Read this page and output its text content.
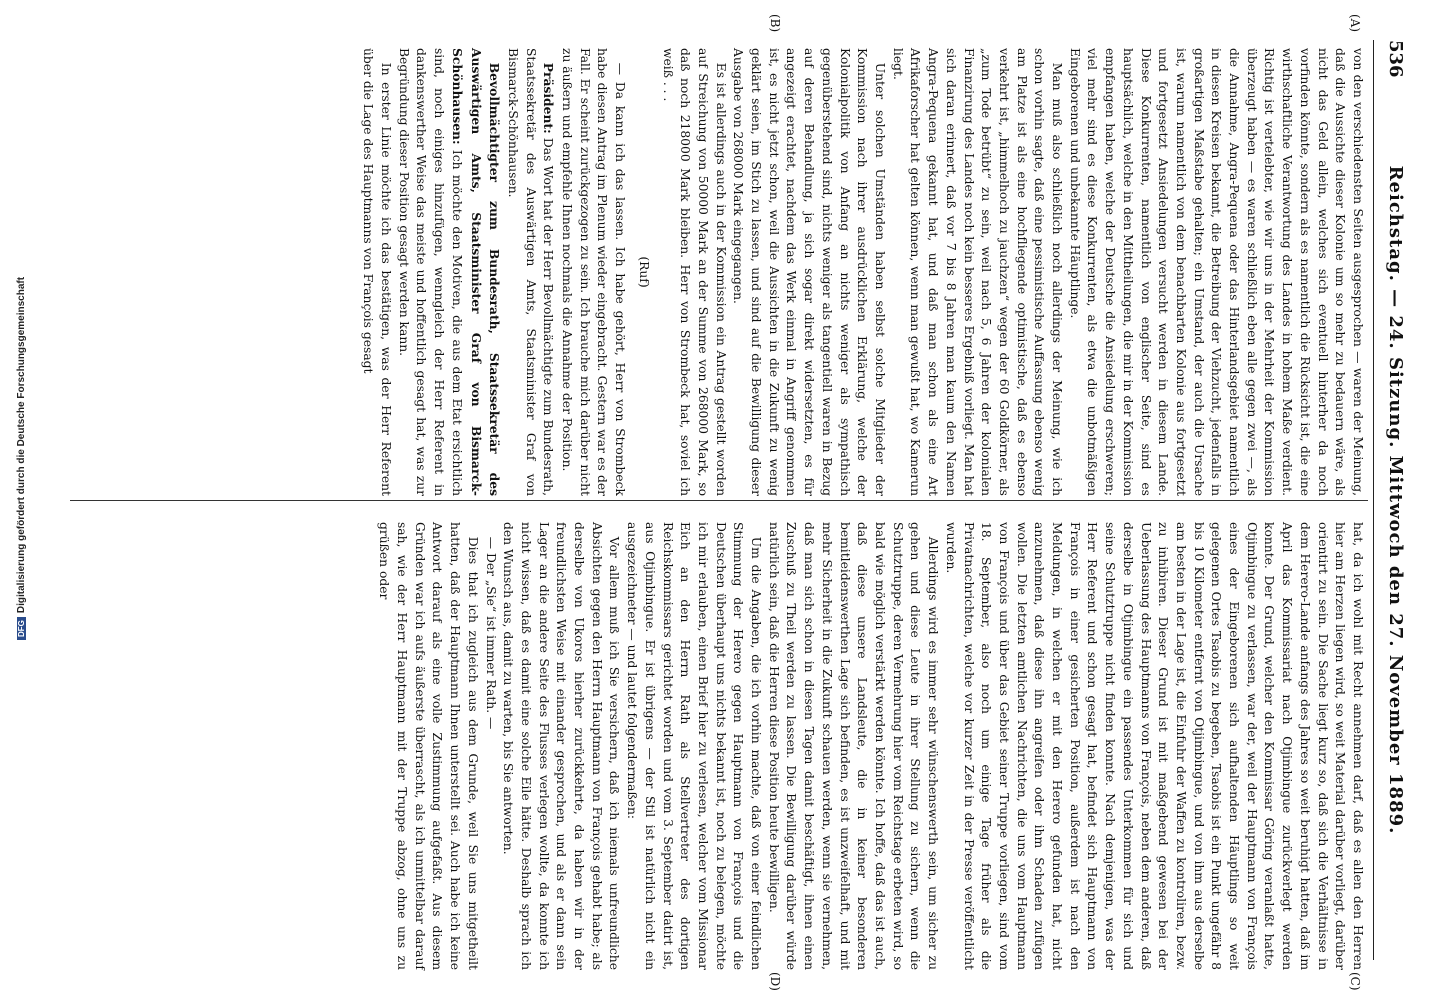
536
Reichstag. — 24. Sitzung. Mittwoch den 27. November 1889.
(A)
(B)
(C)
(D)

von den verschiedensten Seiten ausgesprochen — waren der Meinung, daß die Aussichte dieser Kolonie um so mehr zu bedauern wäre, als nicht das Geld allein, welches sich eventuell hinterher da noch vorfinden könnte, sondern als es namentlich die Rücksicht ist, die eine wirthschaftliche Verantwortung des Landes in hohem Maße verdient. Richtig ist vertelebter, wie wir uns in der Mehrheit der Kommission überzeugt haben — es waren schließlich eben alle gegen zwei —, als die Annahme, Angra-Pequena oder das Hinterlandsgebiet namentlich in diesen Kreisen bekannt, die Betreibung der Viehzucht, jedenfalls in großartigen Maßstabe gehalten; ein Umstand, der auch die Ursache ist, warum namentlich von dem benachbarten Kolonie aus fortgesetzt und fortgesetzt Ansiedelungen versucht werden in diesem Lande. Diese Konkurrenten, namentlich von englischer Seite, sind es hauptsächlich, welche in den Mittheilungen, die mir in der Kommission empfangen haben, welche der Deutsche die Ansiedelung erschweren; viel mehr sind es diese Konkurrenten, als etwa die unbotmäßigen Eingeborenen und unbekannte Häuptlinge.

Man muß also schließlich noch allerdings der Meinung, wie ich schon vorhin sagte, daß eine pessimistische Auffassung ebenso wenig am Platze ist als eine hochfliegende optimistische, daß es ebenso verkehrt ist, „himmelhoch zu jauchzen“ wegen der 60 Goldkörner, als „zum Tode betrübt“ zu sein, weil nach 5, 6 Jahren der kolonialen Finanzirung des Landes noch kein besseres Ergebniß vorliegt. Man hat sich daran erinnert, daß vor 7 bis 8 Jahren man kaum den Namen Angra-Pequena gekannt hat, und daß man schon als eine Art Afrikaforscher hat gelten können, wenn man gewußt hat, wo Kamerun liegt.

Unter solchen Umständen haben selbst solche Mitglieder der Kommission nach ihrer ausdrücklichen Erklärung, welche der Kolonialpolitik von Anfang an nichts weniger als sympathisch gegenüberstehend sind, nichts weniger als tangentiell waren in Bezug auf deren Behandlung, ja sich sogar direkt widersetzten, es für angezeigt erachtet, nachdem das Werk einmal in Angriff genommen ist, es nicht jetzt schon, weil die Aussichten in die Zukunft zu wenig geklärt seien, im Stich zu lassen, und sind auf die Bewilligung dieser Ausgabe von 268000 Mark eingegangen.

Es ist allerdings auch in der Kommission ein Antrag gestellt worden auf Streichung von 50000 Mark an der Summe von 268000 Mark, so daß noch 218000 Mark bleiben. Herr von Strombeck hat, soviel ich weiß . . .

(Ruf)

— Da kann ich das lassen. Ich habe gehört, Herr von Strombeck habe diesen Antrag im Plenum wieder eingebracht. Gestern war es der Fall. Er scheint zurückgezogen zu sein. Ich brauche mich darüber nicht zu äußern und empfehle Ihnen nochmals die Annahme der Position.

Präsident: Das Wort hat der Herr Bevollmächtigte zum Bundesrath, Staatssekretär des Auswärtigen Amts, Staatsminister Graf von Bismarck-Schönhausen.

Bevollmächtigter zum Bundesrath, Staatssekretär des Auswärtigen Amts, Staatsminister Graf von Bismarck-Schönhausen: Ich möchte den Motiven, die aus dem Etat ersichtlich sind, noch einiges hinzufügen, wenngleich der Herr Referent in dankenswerther Weise das meiste und hoffentlich gesagt hat, was zur Begründung dieser Position gesagt werden kann.

In erster Linie möchte ich das bestätigen, was der Herr Referent über die Lage des Hauptmanns von François gesagt

hat, da ich wohl mit Recht annehmen darf, daß es allen den Herren hier am Herzen liegen wird, so weit Material darüber vorliegt, darüber orientirt zu sein. Die Sache liegt kurz so, daß sich die Verhältnisse in dem Herero-Lande anfangs des Jahres so weit beruhigt hatten, daß im April das Kommissariat nach Otjimbingue zurückverlegt werden konnte. Der Grund, welcher den Kommissar Göring veranlaßt hatte, Otjimbingue zu verlassen, war der, weil der Hauptmann von François eines der Eingeborenen sich aufhaltenden Häuptlings so weit gelegenen Ortes Tsaobis zu begeben, Tsaobis ist ein Punkt ungefähr 8 bis 10 Kilometer entfernt von Otjimbingue, und von ihm aus derselbe am besten in der Lage ist, die Einfuhr der Waffen zu kontroliren, bezw. zu inhibiren. Dieser Grund ist mit maßgebend gewesen bei der Ueberlassung des Hauptmanns von François, neben dem anderen, daß derselbe in Otjimbingue ein passendes Unterkommen für sich und seine Schutztruppe nicht finden konnte. Nach demjenigen, was der Herr Referent und schon gesagt hat, befindet sich Hauptmann von François in einer gesicherten Position, außerdem ist nach den Meldungen, in welchen er mit den Herero gefunden hat, nicht anzunehmen, daß diese ihn angreifen oder ihm Schaden zufügen wollen. Die letzten amtlichen Nachrichten, die uns vom Hauptmann von François und über das Gebiet seiner Truppe vorliegen, sind vom 18. September, also noch um einige Tage früher als die Privatnachrichten, welche vor kurzer Zeit in der Presse veröffentlicht wurden.

Allerdings wird es immer sehr wünschenswerth sein, um sicher zu gehen und diese Leute in ihrer Stellung zu sichern, wenn die Schutztruppe, deren Vermehrung hier vom Reichstage erbeten wird, so bald wie möglich verstärkt werden könnte. Ich hoffe, daß das ist auch, daß diese unsere Landsleute, die in keiner besonderen bemitleidenswerthen Lage sich befinden, es ist unzweifelhaft, und mit mehr Sicherheit in die Zukunft schauen werden, wenn sie vernehmen, daß man sich schon in diesen Tagen damit beschäftigt, ihnen einen Zuschuß zu Theil werden zu lassen. Die Bewilligung darüber würde natürlich sein, daß die Herren diese Position heute bewilligen.

Um die Angaben, die ich vorhin machte, daß von einer feindlichen Stimmung der Herero gegen Hauptmann von François und die Deutschen überhaupt uns nichts bekannt ist, noch zu belegen, möchte ich mir erlauben, einen Brief hier zu verlesen, welcher vom Missionar Eich an den Herrn Rath als Stellvertreter des dortigen Reichskommissars gerichtet worden und vom 3. September datirt ist, aus Otjimbingue. Er ist übrigens — der Stil ist natürlich nicht ein ausgezeichneter — und lautet folgendermaßen:

Vor allem muß ich Sie versichern, daß ich niemals unfreundliche Absichten gegen den Herrn Hauptmann von François gehabt habe; als derselbe von Ukoros hierher zurückkehrte, da haben wir in der freundlichsten Weise mit einander gesprochen, und als er dann sein Lager an die andere Seite des Flusses verlegen wollte, da konnte ich nicht wissen, daß es damit eine solche Eile hätte. Deshalb sprach ich den Wunsch aus, damit zu warten, bis Sie antworten.

— Der „Sie“ ist immer Rath. —

Dies that ich zugleich aus dem Grunde, weil Sie uns mitgetheilt hatten, daß der Hauptmann Ihnen unterstellt sei. Auch habe ich keine Antwort darauf als eine volle Zustimmung aufgefaßt. Aus diesem Gründen war ich aufs äußerste überrascht, als ich unmittelbar darauf sah, wie der Herr Hauptmann mit der Truppe abzog, ohne uns zu grüßen oder

DFGDigitalisierung gefördert durch die Deutsche Forschungsgemeinschaft
